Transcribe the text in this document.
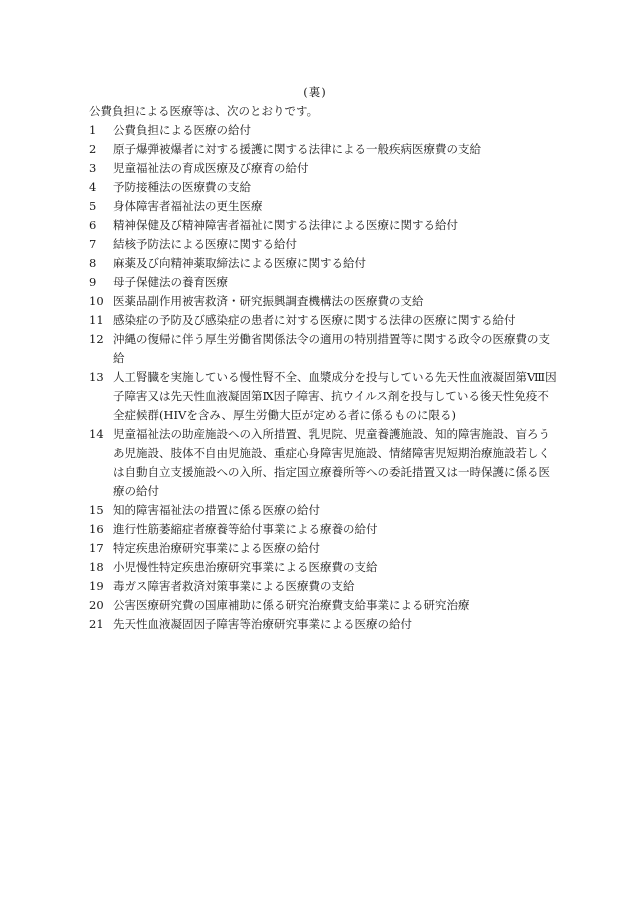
(裏)
公費負担による医療等は、次のとおりです。
1	公費負担による医療の給付
2	原子爆弾被爆者に対する援護に関する法律による一般疾病医療費の支給
3	児童福祉法の育成医療及び療育の給付
4	予防接種法の医療費の支給
5	身体障害者福祉法の更生医療
6	精神保健及び精神障害者福祉に関する法律による医療に関する給付
7	結核予防法による医療に関する給付
8	麻薬及び向精神薬取締法による医療に関する給付
9	母子保健法の養育医療
10 医薬品副作用被害救済・研究振興調査機構法の医療費の支給
11 感染症の予防及び感染症の患者に対する医療に関する法律の医療に関する給付
12 沖縄の復帰に伴う厚生労働省関係法令の適用の特別措置等に関する政令の医療費の支給
13 人工腎臓を実施している慢性腎不全、血漿成分を投与している先天性血液凝固第Ⅷ因子障害又は先天性血液凝固第Ⅸ因子障害、抗ウイルス剤を投与している後天性免疫不全症候群(HIVを含み、厚生労働大臣が定める者に係るものに限る)
14 児童福祉法の助産施設への入所措置、乳児院、児童養護施設、知的障害施設、盲ろうあ児施設、肢体不自由児施設、重症心身障害児施設、情緒障害児短期治療施設若しくは自動自立支援施設への入所、指定国立療養所等への委託措置又は一時保護に係る医療の給付
15 知的障害福祉法の措置に係る医療の給付
16 進行性筋萎縮症者療養等給付事業による療養の給付
17 特定疾患治療研究事業による医療の給付
18 小児慢性特定疾患治療研究事業による医療費の支給
19 毒ガス障害者救済対策事業による医療費の支給
20 公害医療研究費の国庫補助に係る研究治療費支給事業による研究治療
21 先天性血液凝固因子障害等治療研究事業による医療の給付
